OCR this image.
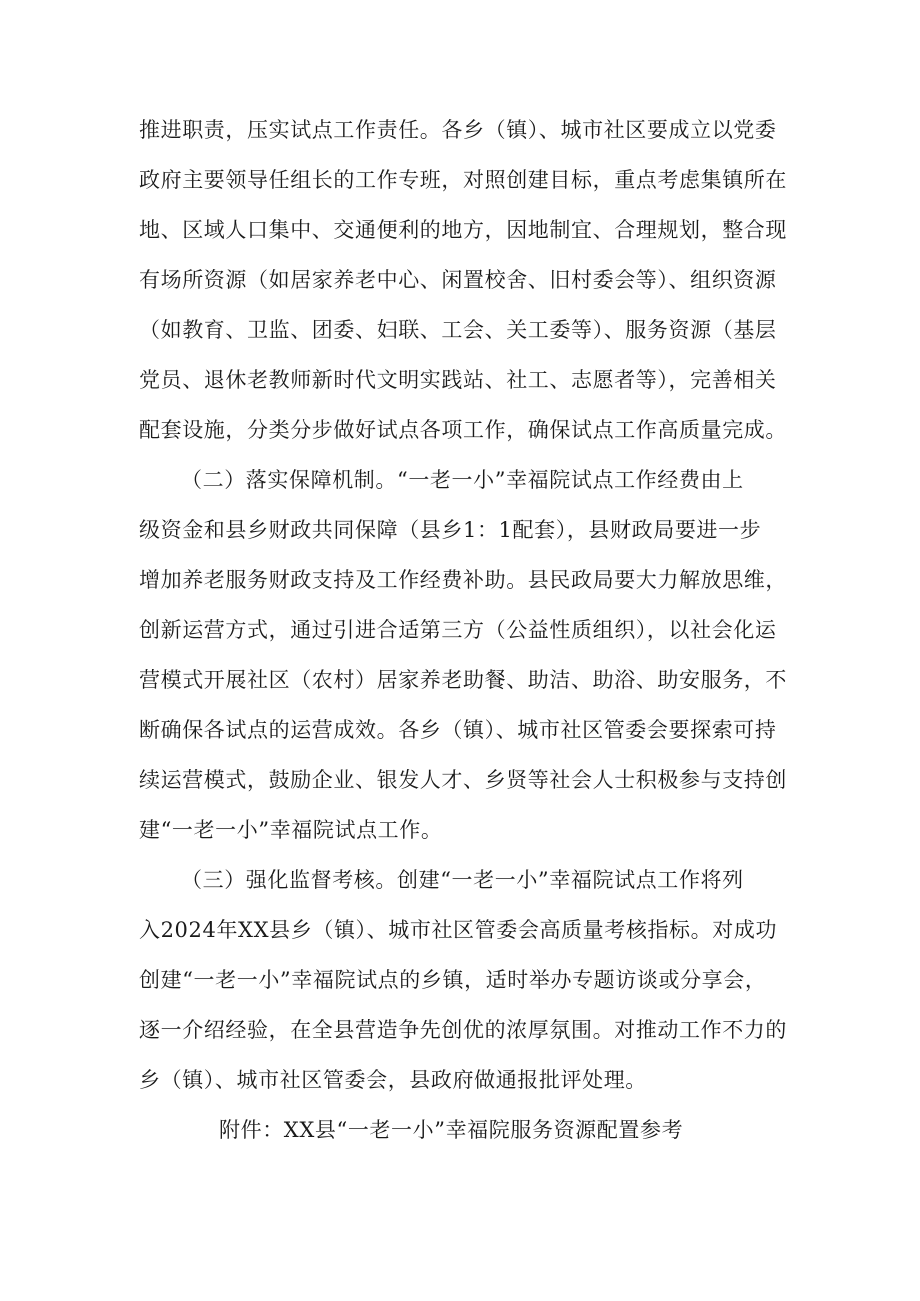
推进职责，压实试点工作责任。各乡（镇）、城市社区要成立以党委
政府主要领导任组长的工作专班，对照创建目标，重点考虑集镇所在
地、区域人口集中、交通便利的地方，因地制宜、合理规划，整合现
有场所资源（如居家养老中心、闲置校舍、旧村委会等）、组织资源
（如教育、卫监、团委、妇联、工会、关工委等）、服务资源（基层
党员、退休老教师新时代文明实践站、社工、志愿者等），完善相关
配套设施，分类分步做好试点各项工作，确保试点工作高质量完成。
（二）落实保障机制。“一老一小”幸福院试点工作经费由上
级资金和县乡财政共同保障（县乡1：1配套），县财政局要进一步
增加养老服务财政支持及工作经费补助。县民政局要大力解放思维，
创新运营方式，通过引进合适第三方（公益性质组织），以社会化运
营模式开展社区（农村）居家养老助餐、助洁、助浴、助安服务，不
断确保各试点的运营成效。各乡（镇）、城市社区管委会要探索可持
续运营模式，鼓励企业、银发人才、乡贤等社会人士积极参与支持创
建“一老一小”幸福院试点工作。
（三）强化监督考核。创建“一老一小”幸福院试点工作将列
入2024年XX县乡（镇）、城市社区管委会高质量考核指标。对成功
创建“一老一小”幸福院试点的乡镇，适时举办专题访谈或分享会，
逐一介绍经验，在全县营造争先创优的浓厚氛围。对推动工作不力的
乡（镇）、城市社区管委会，县政府做通报批评处理。
附件：XX县“一老一小”幸福院服务资源配置参考
